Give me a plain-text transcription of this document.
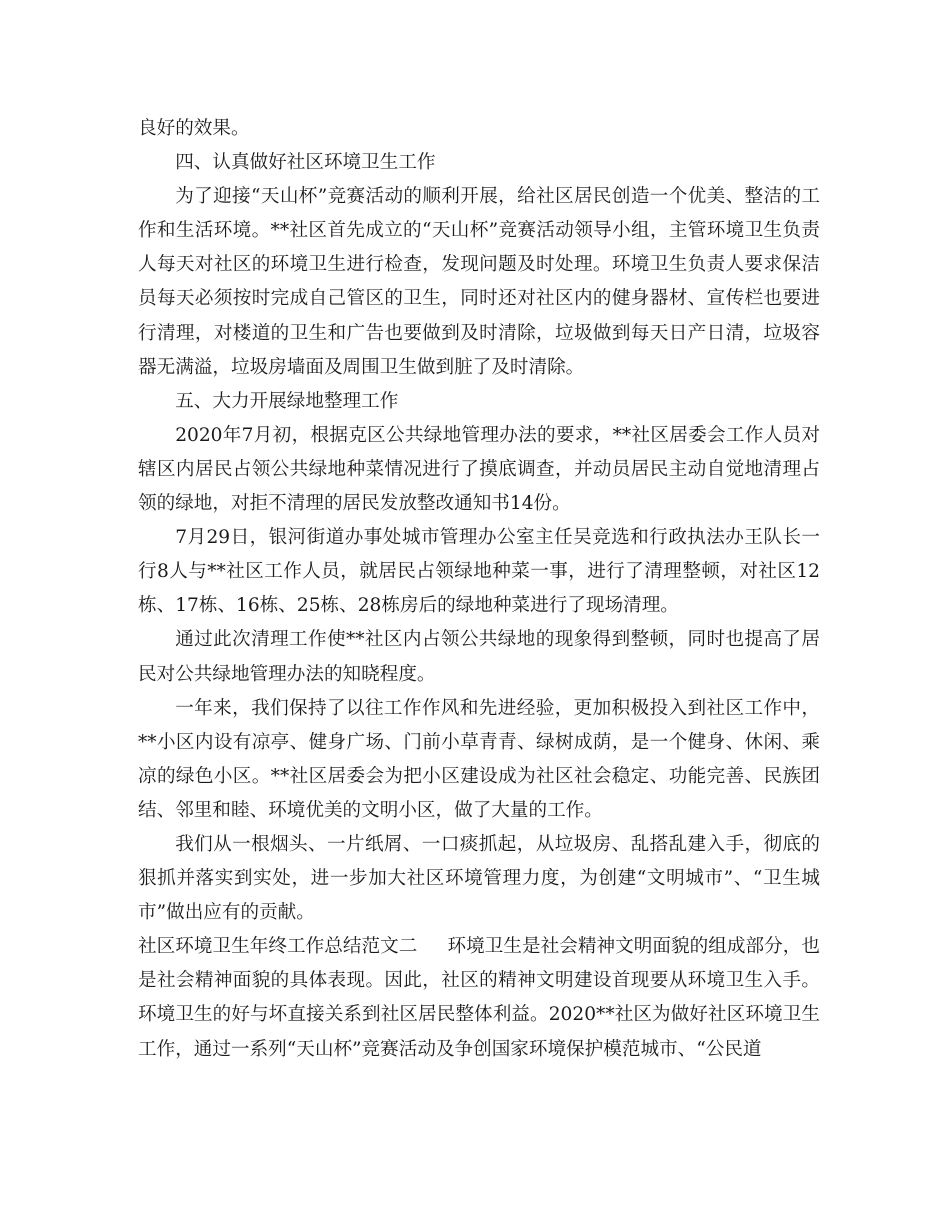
良好的效果。

四、认真做好社区环境卫生工作

为了迎接“天山杯”竞赛活动的顺利开展，给社区居民创造一个优美、整洁的工作和生活环境。**社区首先成立的“天山杯”竞赛活动领导小组，主管环境卫生负责人每天对社区的环境卫生进行检查，发现问题及时处理。环境卫生负责人要求保洁员每天必须按时完成自己管区的卫生，同时还对社区内的健身器材、宣传栏也要进行清理，对楼道的卫生和广告也要做到及时清除，垃圾做到每天日产日清，垃圾容器无满溢，垃圾房墙面及周围卫生做到脏了及时清除。

五、大力开展绿地整理工作

2020年7月初，根据克区公共绿地管理办法的要求，**社区居委会工作人员对辖区内居民占领公共绿地种菜情况进行了摸底调查，并动员居民主动自觉地清理占领的绿地，对拒不清理的居民发放整改通知书14份。

7月29日，银河街道办事处城市管理办公室主任吴竞选和行政执法办王队长一行8人与**社区工作人员，就居民占领绿地种菜一事，进行了清理整顿，对社区12栋、17栋、16栋、25栋、28栋房后的绿地种菜进行了现场清理。

通过此次清理工作使**社区内占领公共绿地的现象得到整顿，同时也提高了居民对公共绿地管理办法的知晓程度。

一年来，我们保持了以往工作作风和先进经验，更加积极投入到社区工作中，**小区内设有凉亭、健身广场、门前小草青青、绿树成荫，是一个健身、休闲、乘凉的绿色小区。**社区居委会为把小区建设成为社区社会稳定、功能完善、民族团结、邻里和睦、环境优美的文明小区，做了大量的工作。

我们从一根烟头、一片纸屑、一口痰抓起，从垃圾房、乱搭乱建入手，彻底的狠抓并落实到实处，进一步加大社区环境管理力度，为创建“文明城市”、“卫生城市”做出应有的贡献。

社区环境卫生年终工作总结范文二 环境卫生是社会精神文明面貌的组成部分，也是社会精神面貌的具体表现。因此，社区的精神文明建设首现要从环境卫生入手。环境卫生的好与坏直接关系到社区居民整体利益。2020**社区为做好社区环境卫生工作，通过一系列“天山杯”竞赛活动及争创国家环境保护模范城市、“公民道
